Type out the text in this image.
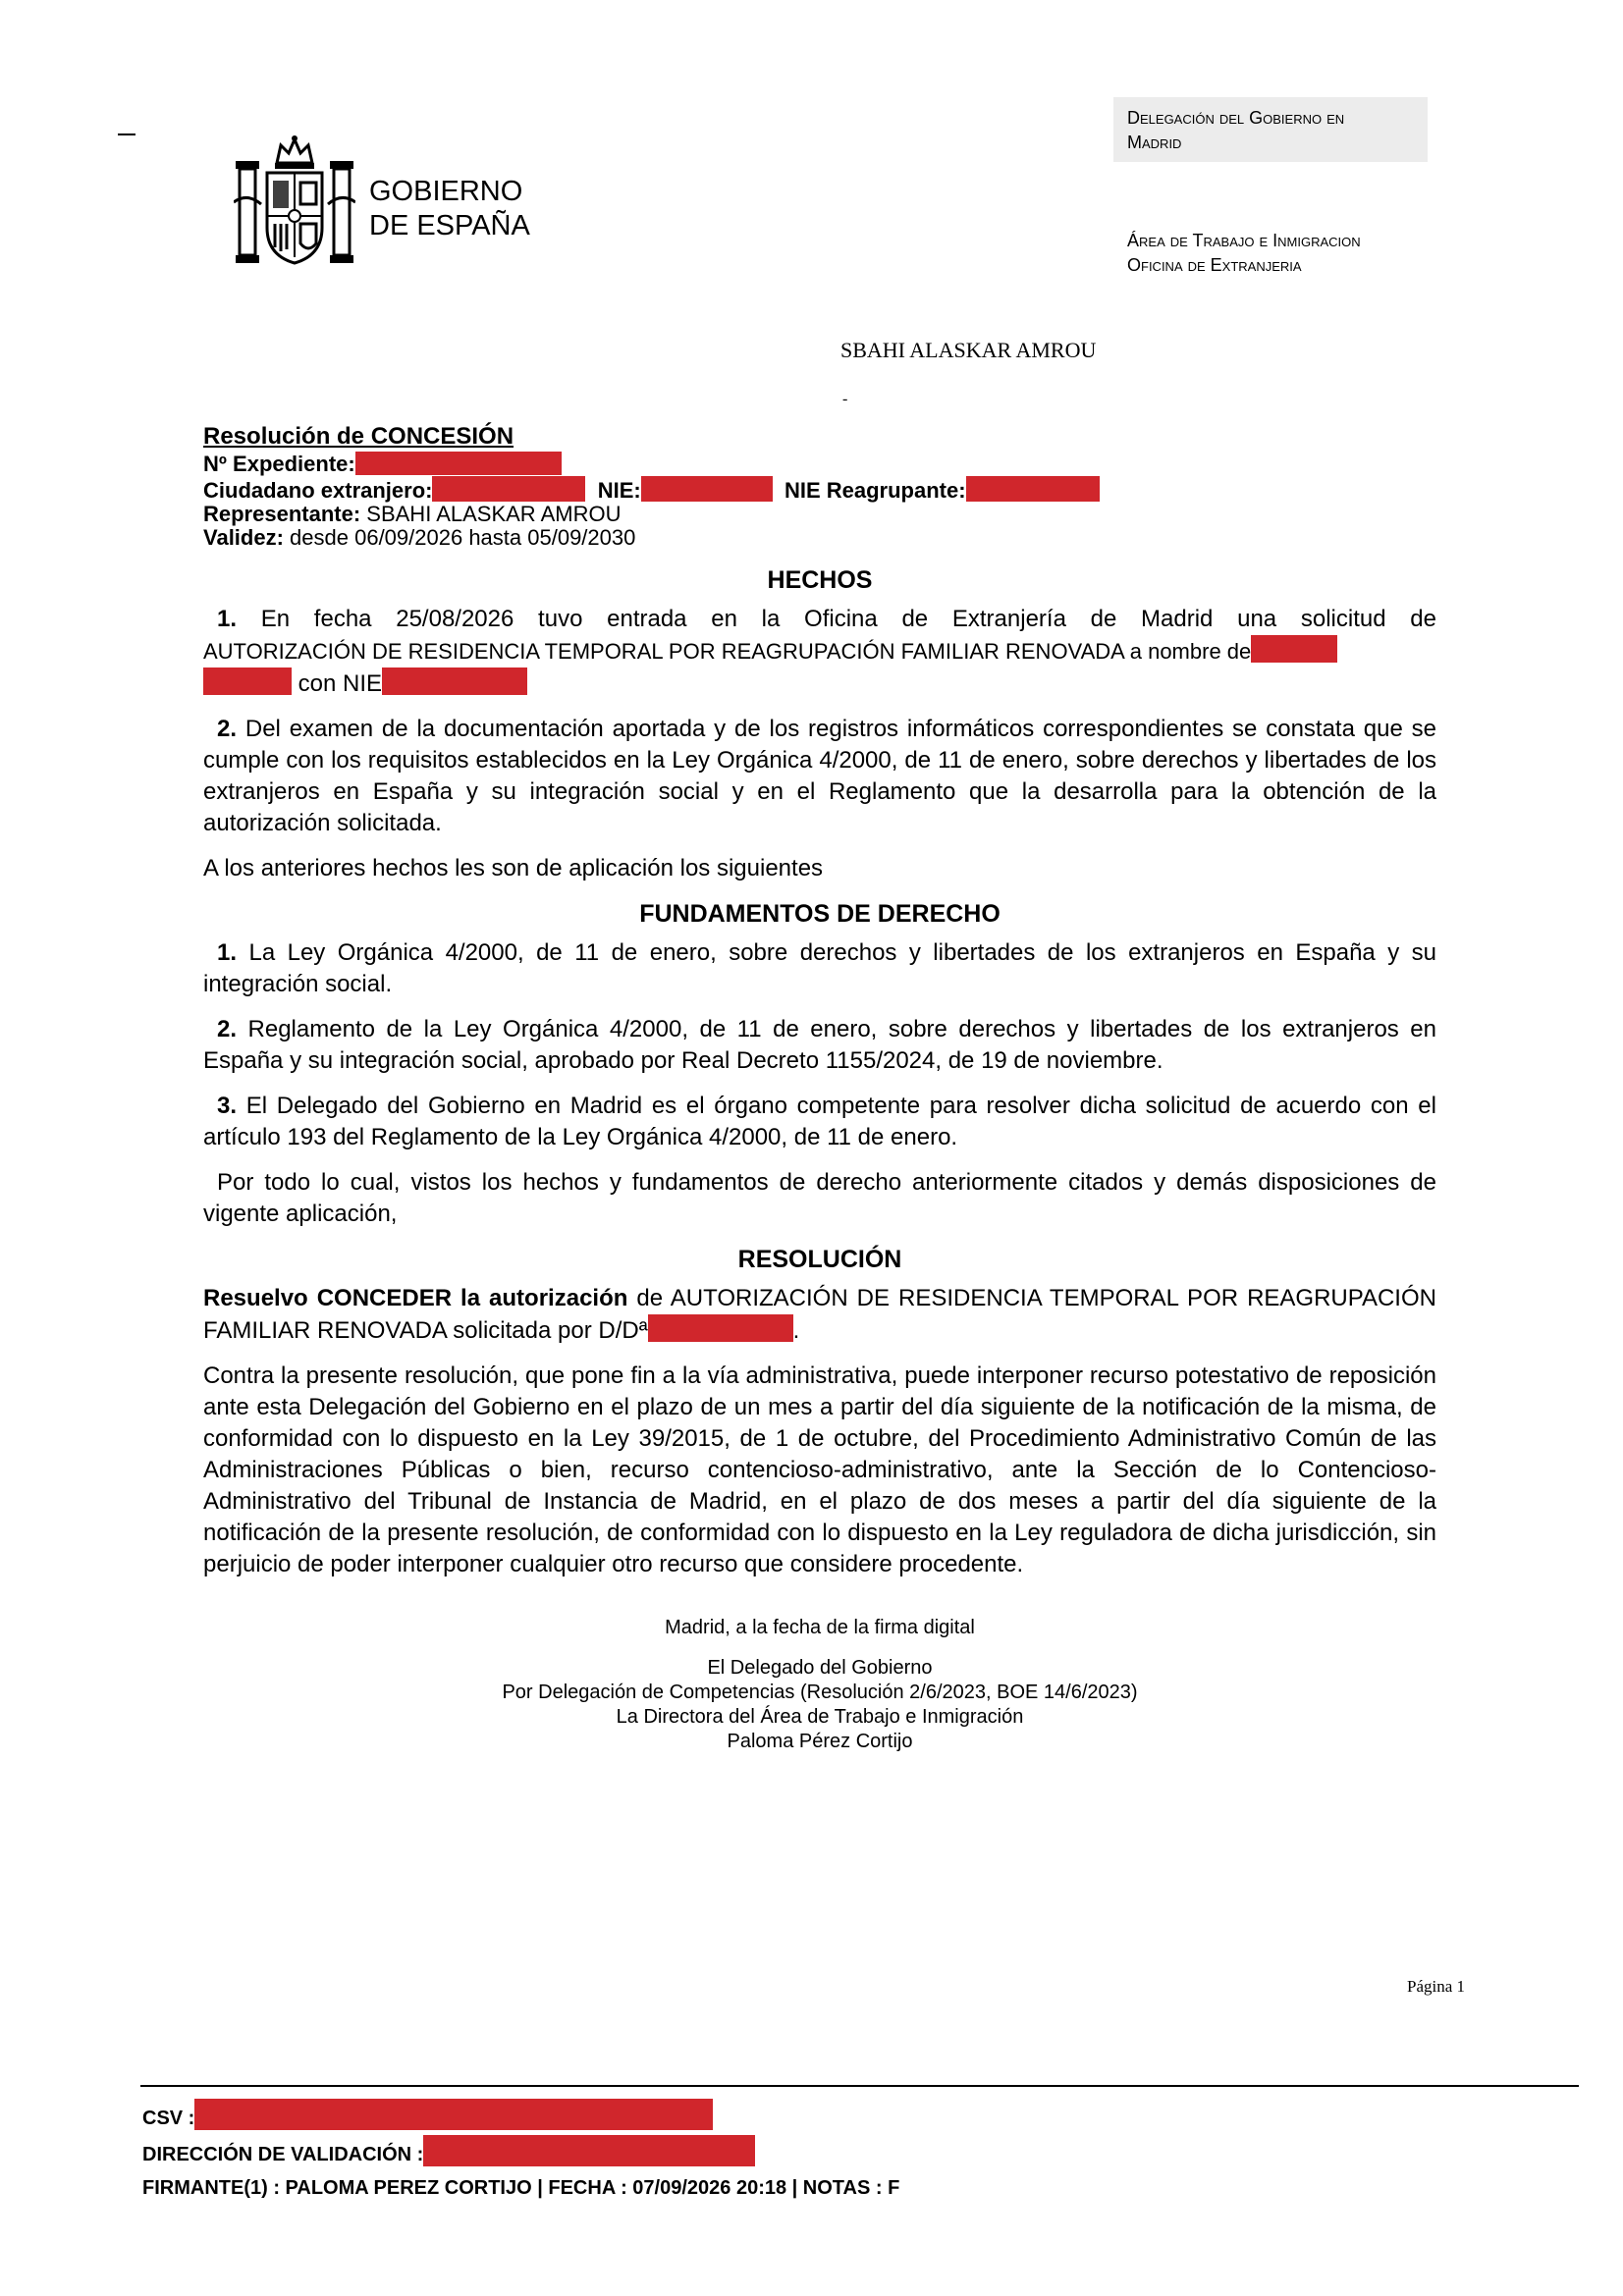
GOBIERNO
DE ESPAÑA
Delegación del Gobierno en
Madrid
Área de Trabajo e Inmigracion
Oficina de Extranjeria
SBAHI ALASKAR AMROU
-
Resolución de CONCESIÓN
Nº Expediente:
Ciudadano extranjero:	NIE:	NIE Reagrupante:
Representante: SBAHI ALASKAR AMROU
Validez: desde 06/09/2026 hasta 05/09/2030
HECHOS
1. En fecha 25/08/2026 tuvo entrada en la Oficina de Extranjería de Madrid una solicitud de
AUTORIZACIÓN DE RESIDENCIA TEMPORAL POR REAGRUPACIÓN FAMILIAR RENOVADA a nombre de
con NIE
2. Del examen de la documentación aportada y de los registros informáticos correspondientes se constata que se cumple con los requisitos establecidos en la Ley Orgánica 4/2000, de 11 de enero, sobre derechos y libertades de los extranjeros en España y su integración social y en el Reglamento que la desarrolla para la obtención de la autorización solicitada.
A los anteriores hechos les son de aplicación los siguientes
FUNDAMENTOS DE DERECHO
1. La Ley Orgánica 4/2000, de 11 de enero, sobre derechos y libertades de los extranjeros en España y su integración social.
2. Reglamento de la Ley Orgánica 4/2000, de 11 de enero, sobre derechos y libertades de los extranjeros en España y su integración social, aprobado por Real Decreto 1155/2024, de 19 de noviembre.
3. El Delegado del Gobierno en Madrid es el órgano competente para resolver dicha solicitud de acuerdo con el artículo 193 del Reglamento de la Ley Orgánica 4/2000, de 11 de enero.
Por todo lo cual, vistos los hechos y fundamentos de derecho anteriormente citados y demás disposiciones de vigente aplicación,
RESOLUCIÓN
Resuelvo CONCEDER la autorización de AUTORIZACIÓN DE RESIDENCIA TEMPORAL POR REAGRUPACIÓN FAMILIAR RENOVADA solicitada por D/Dª	.
Contra la presente resolución, que pone fin a la vía administrativa, puede interponer recurso potestativo de reposición ante esta Delegación del Gobierno en el plazo de un mes a partir del día siguiente de la notificación de la misma, de conformidad con lo dispuesto en la Ley 39/2015, de 1 de octubre, del Procedimiento Administrativo Común de las Administraciones Públicas o bien, recurso contencioso-administrativo, ante la Sección de lo Contencioso-Administrativo del Tribunal de Instancia de Madrid, en el plazo de dos meses a partir del día siguiente de la notificación de la presente resolución, de conformidad con lo dispuesto en la Ley reguladora de dicha jurisdicción, sin perjuicio de poder interponer cualquier otro recurso que considere procedente.
Madrid, a la fecha de la firma digital
El Delegado del Gobierno
Por Delegación de Competencias (Resolución 2/6/2023, BOE 14/6/2023)
La Directora del Área de Trabajo e Inmigración
Paloma Pérez Cortijo
Página 1
CSV :
DIRECCIÓN DE VALIDACIÓN :
FIRMANTE(1) : PALOMA PEREZ CORTIJO | FECHA : 07/09/2026 20:18 | NOTAS : F
